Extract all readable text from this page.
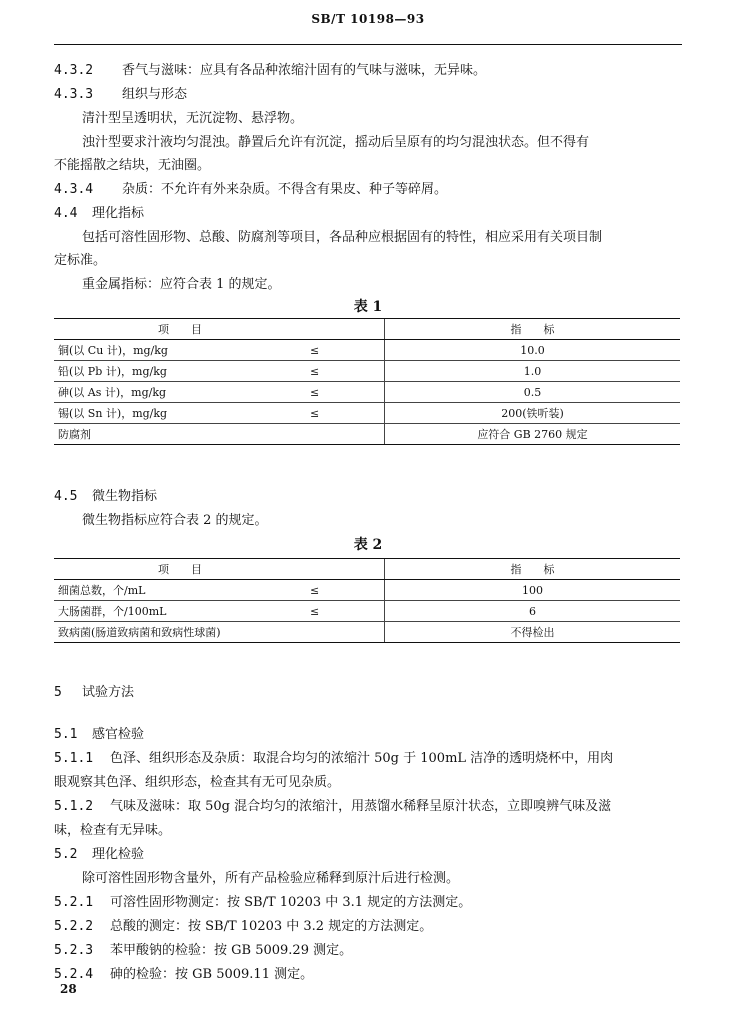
SB/T 10198—93
4.3.2 香气与滋味：应具有各品种浓缩汁固有的气味与滋味，无异味。
4.3.3 组织与形态
清汁型呈透明状，无沉淀物、悬浮物。
浊汁型要求汁液均匀混浊。静置后允许有沉淀，摇动后呈原有的均匀混浊状态。但不得有
不能摇散之结块，无油圈。
4.3.4 杂质：不允许有外来杂质。不得含有果皮、种子等碎屑。
4.4 理化指标
包括可溶性固形物、总酸、防腐剂等项目，各品种应根据固有的特性，相应采用有关项目制
定标准。
重金属指标：应符合表 1 的规定。
表 1
项　　目		指　　标
铜(以 Cu 计)，mg/kg	≤	10.0
铅(以 Pb 计)，mg/kg	≤	1.0
砷(以 As 计)，mg/kg	≤	0.5
锡(以 Sn 计)，mg/kg	≤	200(铁听装)
防腐剂		应符合 GB 2760 规定
4.5 微生物指标
微生物指标应符合表 2 的规定。
表 2
项　　目		指　　标
细菌总数，个/mL	≤	100
大肠菌群，个/100mL	≤	6
致病菌(肠道致病菌和致病性球菌)		不得检出
5 试验方法
5.1 感官检验
5.1.1 色泽、组织形态及杂质：取混合均匀的浓缩汁 50g 于 100mL 洁净的透明烧杯中，用肉
眼观察其色泽、组织形态，检查其有无可见杂质。
5.1.2 气味及滋味：取 50g 混合均匀的浓缩汁，用蒸馏水稀释呈原汁状态，立即嗅辨气味及滋
味，检查有无异味。
5.2 理化检验
除可溶性固形物含量外，所有产品检验应稀释到原汁后进行检测。
5.2.1 可溶性固形物测定：按 SB/T 10203 中 3.1 规定的方法测定。
5.2.2 总酸的测定：按 SB/T 10203 中 3.2 规定的方法测定。
5.2.3 苯甲酸钠的检验：按 GB 5009.29 测定。
5.2.4 砷的检验：按 GB 5009.11 测定。
28
